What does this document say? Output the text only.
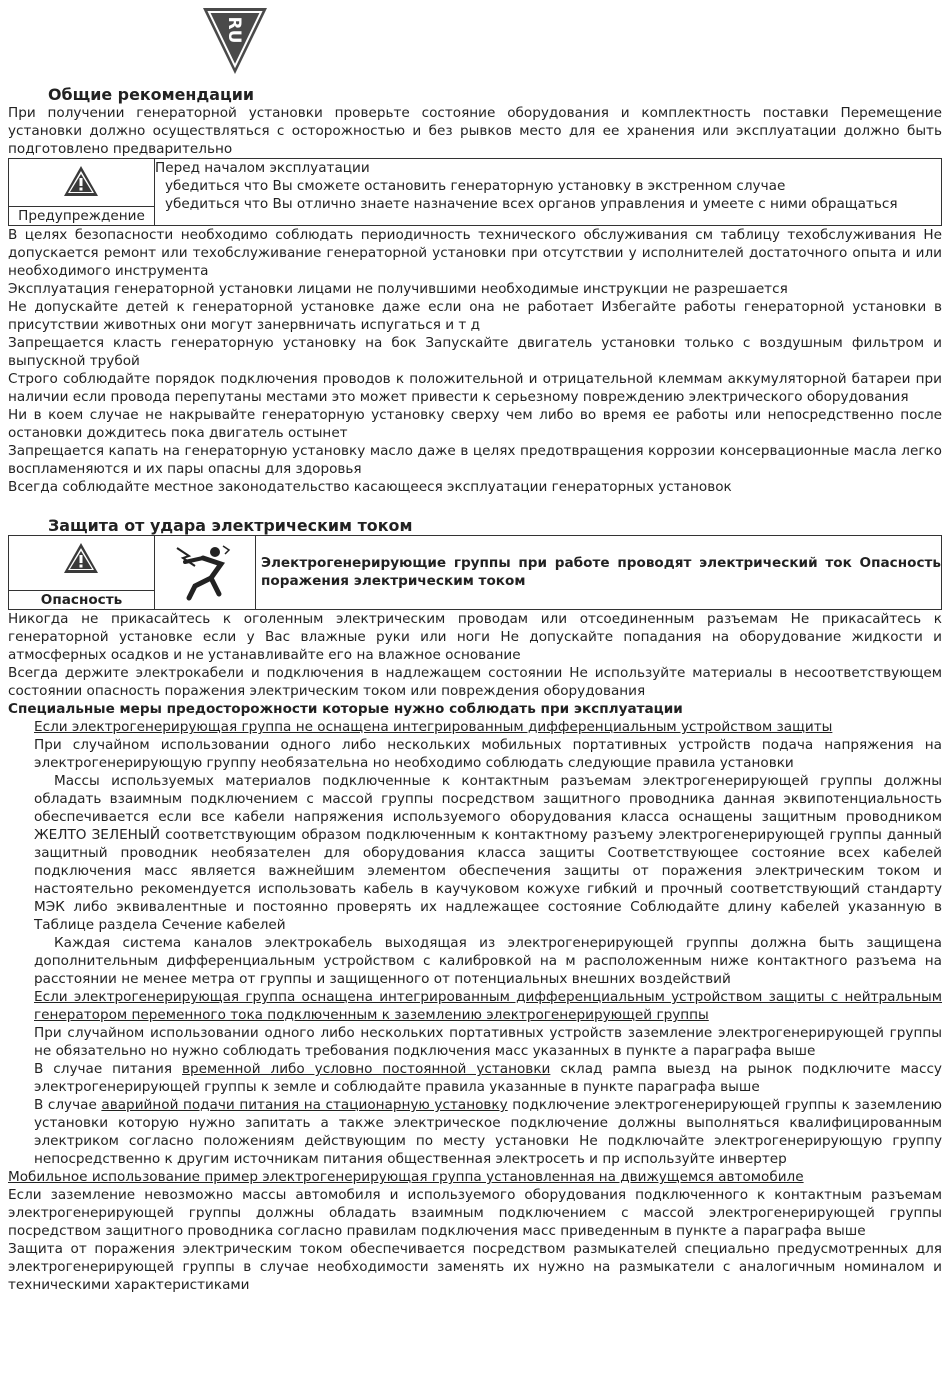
RU
Общие рекомендации

При получении генераторной установки проверьте состояние оборудования и комплектность поставки Перемещение установки должно осуществляться с осторожностью и без рывков место для ее хранения или эксплуатации должно быть подготовлено предварительно

Предупреждение

Перед началом эксплуатации
убедиться что Вы сможете остановить генераторную установку в экстренном случае
убедиться что Вы отлично знаете назначение всех органов управления и умеете с ними обращаться

В целях безопасности необходимо соблюдать периодичность технического обслуживания см таблицу техобслуживания Не допускается ремонт или техобслуживание генераторной установки при отсутствии у исполнителей достаточного опыта и или необходимого инструмента

Эксплуатация генераторной установки лицами не получившими необходимые инструкции не разрешается

Не допускайте детей к генераторной установке даже если она не работает Избегайте работы генераторной установки в присутствии животных они могут занервничать испугаться и т д

Запрещается класть генераторную установку на бок Запускайте двигатель установки только с воздушным фильтром и выпускной трубой

Строго соблюдайте порядок подключения проводов к положительной и отрицательной клеммам аккумуляторной батареи при наличии если провода перепутаны местами это может привести к серьезному повреждению электрического оборудования

Ни в коем случае не накрывайте генераторную установку сверху чем либо во время ее работы или непосредственно после остановки дождитесь пока двигатель остынет

Запрещается капать на генераторную установку масло даже в целях предотвращения коррозии консервационные масла легко воспламеняются и их пары опасны для здоровья

Всегда соблюдайте местное законодательство касающееся эксплуатации генераторных установок

Защита от удара электрическим током
Опасность

Электрогенерирующие группы при работе проводят электрический ток Опасность поражения электрическим током

Никогда не прикасайтесь к оголенным электрическим проводам или отсоединенным разъемам Не прикасайтесь к генераторной установке если у Вас влажные руки или ноги Не допускайте попадания на оборудование жидкости и атмосферных осадков и не устанавливайте его на влажное основание

Всегда держите электрокабели и подключения в надлежащем состоянии Не используйте материалы в несоответствующем состоянии опасность поражения электрическим током или повреждения оборудования

Специальные меры предосторожности которые нужно соблюдать при эксплуатации

Если электрогенерирующая группа не оснащена интегрированным дифференциальным устройством защиты

При случайном использовании одного либо нескольких мобильных портативных устройств подача напряжения на электрогенерирующую группу необязательна но необходимо соблюдать следующие правила установки

Массы используемых материалов подключенные к контактным разъемам электрогенерирующей группы должны обладать взаимным подключением с массой группы посредством защитного проводника данная эквипотенциальность обеспечивается если все кабели напряжения используемого оборудования класса оснащены защитным проводником ЖЕЛТО ЗЕЛЕНЫЙ соответствующим образом подключенным к контактному разъему электрогенерирующей группы данный защитный проводник необязателен для оборудования класса защиты Соответствующее состояние всех кабелей подключения масс является важнейшим элементом обеспечения защиты от поражения электрическим током и настоятельно рекомендуется использовать кабель в каучуковом кожухе гибкий и прочный соответствующий стандарту МЭК либо эквивалентные и постоянно проверять их надлежащее состояние Соблюдайте длину кабелей указанную в Таблице раздела Сечение кабелей

Каждая система каналов электрокабель выходящая из электрогенерирующей группы должна быть защищена дополнительным дифференциальным устройством с калибровкой на м расположенным ниже контактного разъема на расстоянии не менее метра от группы и защищенного от потенциальных внешних воздействий

Если электрогенерирующая группа оснащена интегрированным дифференциальным устройством защиты с нейтральным генератором переменного тока подключенным к заземлению электрогенерирующей группы

При случайном использовании одного либо нескольких портативных устройств заземление электрогенерирующей группы не обязательно но нужно соблюдать требования подключения масс указанных в пункте а параграфа выше

В случае питания временной либо условно постоянной установки склад рампа выезд на рынок подключите массу электрогенерирующей группы к земле и соблюдайте правила указанные в пункте параграфа выше

В случае аварийной подачи питания на стационарную установку подключение электрогенерирующей группы к заземлению установки которую нужно запитать а также электрическое подключение должны выполняться квалифицированным электриком согласно положениям действующим по месту установки Не подключайте электрогенерирующую группу непосредственно к другим источникам питания общественная электросеть и пр используйте инвертер

Мобильное использование пример электрогенерирующая группа установленная на движущемся автомобиле

Если заземление невозможно массы автомобиля и используемого оборудования подключенного к контактным разъемам электрогенерирующей группы должны обладать взаимным подключением с массой электрогенерирующей группы посредством защитного проводника согласно правилам подключения масс приведенным в пункте а параграфа выше

Защита от поражения электрическим током обеспечивается посредством размыкателей специально предусмотренных для электрогенерирующей группы в случае необходимости заменять их нужно на размыкатели с аналогичным номиналом и техническими характеристиками
